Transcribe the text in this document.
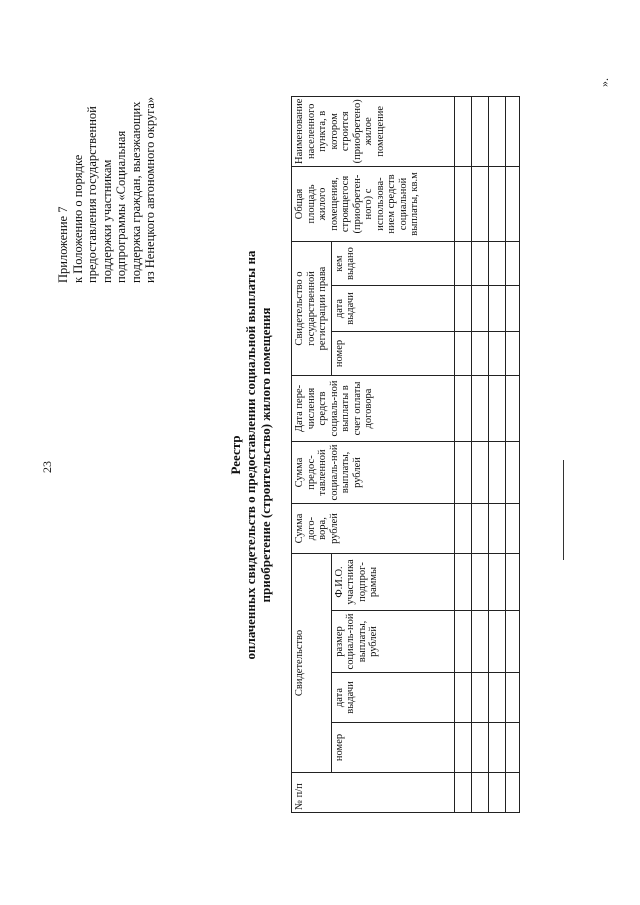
23
Приложение 7 к Положению о порядке предоставления государственной поддержки участникам подпрограммы «Социальная поддержка граждан, выезжающих из Ненецкого автономного округа»
Реестр оплаченных свидетельств о предоставлении социальной выплаты на приобретение (строительство) жилого помещения
№ п/п	Свидетельство				Сумма дого-вора, рублей	Сумма предос-тавленной социаль-ной выплаты, рублей	Дата пере-числения средств социаль-ной выплаты в счет оплаты договора	Свидетельство о государственной регистрации права			Общая площадь жилого помещения, строящегося (приобретен-ного) с использова-нием средств социальной выплаты, кв.м	Наименование населенного пункта, в котором строится (приобретено) жилое помещение
	номер	дата выдачи	размер социаль-ной выплаты, рублей	Ф.И.О. участника подпрог-раммы				номер	дата выдачи	кем выдано		

».
